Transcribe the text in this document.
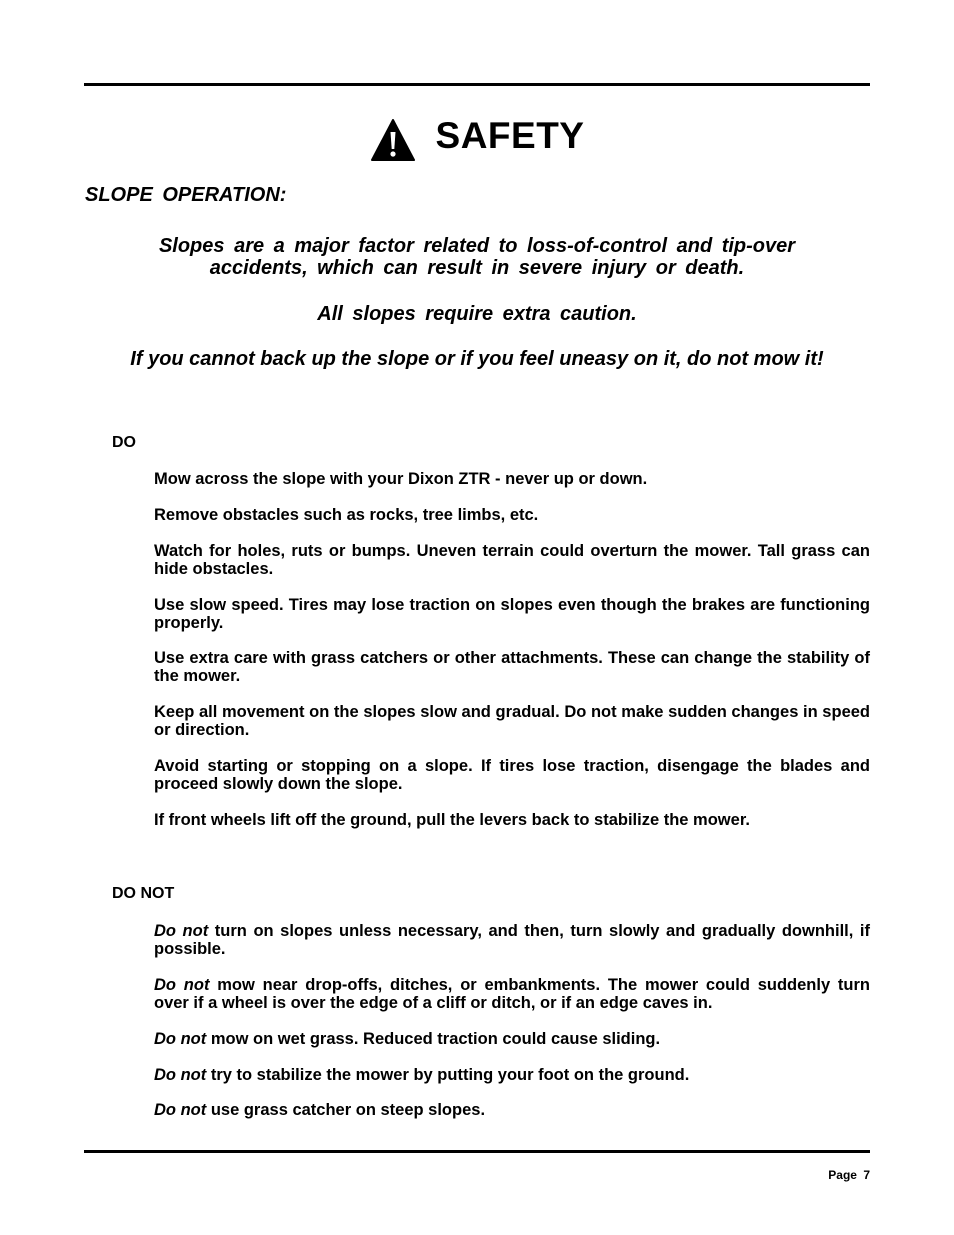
SAFETY
SLOPE OPERATION:
Slopes are a major factor related to loss-of-control and tip-over accidents, which can result in severe injury or death.
All slopes require extra caution.
If you cannot back up the slope or if you feel uneasy on it, do not mow it!
DO
Mow across the slope with your Dixon ZTR - never up or down.
Remove obstacles such as rocks, tree limbs, etc.
Watch for holes, ruts or bumps. Uneven terrain could overturn the mower. Tall grass can hide obstacles.
Use slow speed. Tires may lose traction on slopes even though the brakes are functioning properly.
Use extra care with grass catchers or other attachments. These can change the stability of the mower.
Keep all movement on the slopes slow and gradual. Do not make sudden changes in speed or direction.
Avoid starting or stopping on a slope. If tires lose traction, disengage the blades and proceed slowly down the slope.
If front wheels lift off the ground, pull the levers back to stabilize the mower.
DO NOT
Do not turn on slopes unless necessary, and then, turn slowly and gradually downhill, if possible.
Do not mow near drop-offs, ditches, or embankments. The mower could suddenly turn over if a wheel is over the edge of a cliff or ditch, or if an edge caves in.
Do not mow on wet grass. Reduced traction could cause sliding.
Do not try to stabilize the mower by putting your foot on the ground.
Do not use grass catcher on steep slopes.
Page 7
